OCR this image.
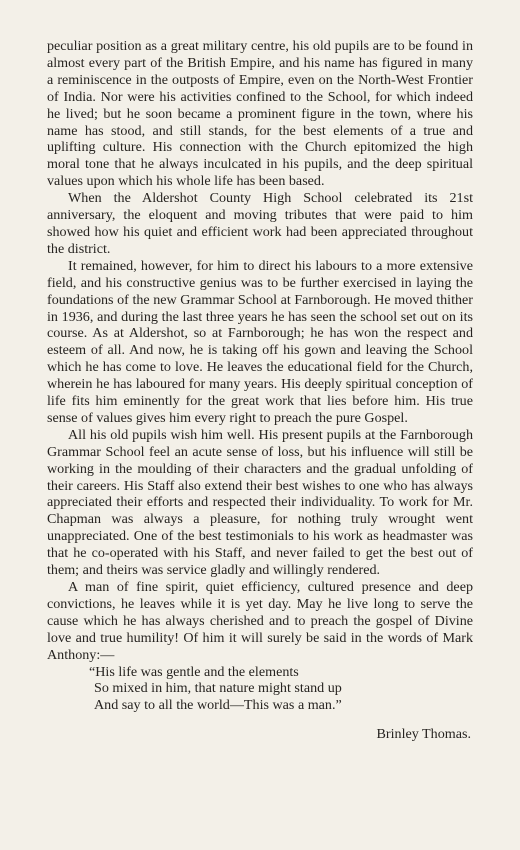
peculiar position as a great military centre, his old pupils are to be found in almost every part of the British Empire, and his name has figured in many a reminiscence in the outposts of Empire, even on the North-West Frontier of India. Nor were his activities confined to the School, for which indeed he lived; but he soon became a prominent figure in the town, where his name has stood, and still stands, for the best elements of a true and uplifting culture. His connection with the Church epitomized the high moral tone that he always inculcated in his pupils, and the deep spiritual values upon which his whole life has been based.

When the Aldershot County High School celebrated its 21st anniversary, the eloquent and moving tributes that were paid to him showed how his quiet and efficient work had been appreciated throughout the district.

It remained, however, for him to direct his labours to a more extensive field, and his constructive genius was to be further exercised in laying the foundations of the new Grammar School at Farnborough. He moved thither in 1936, and during the last three years he has seen the school set out on its course. As at Aldershot, so at Farnborough; he has won the respect and esteem of all. And now, he is taking off his gown and leaving the School which he has come to love. He leaves the educational field for the Church, wherein he has laboured for many years. His deeply spiritual conception of life fits him eminently for the great work that lies before him. His true sense of values gives him every right to preach the pure Gospel.

All his old pupils wish him well. His present pupils at the Farnborough Grammar School feel an acute sense of loss, but his influence will still be working in the moulding of their characters and the gradual unfolding of their careers. His Staff also extend their best wishes to one who has always appreciated their efforts and respected their individuality. To work for Mr. Chapman was always a pleasure, for nothing truly wrought went unappreciated. One of the best testimonials to his work as headmaster was that he co-operated with his Staff, and never failed to get the best out of them; and theirs was service gladly and willingly rendered.

A man of fine spirit, quiet efficiency, cultured presence and deep convictions, he leaves while it is yet day. May he live long to serve the cause which he has always cherished and to preach the gospel of Divine love and true humility! Of him it will surely be said in the words of Mark Anthony:—

“His life was gentle and the elements
So mixed in him, that nature might stand up
And say to all the world—This was a man.”

Brinley Thomas.
